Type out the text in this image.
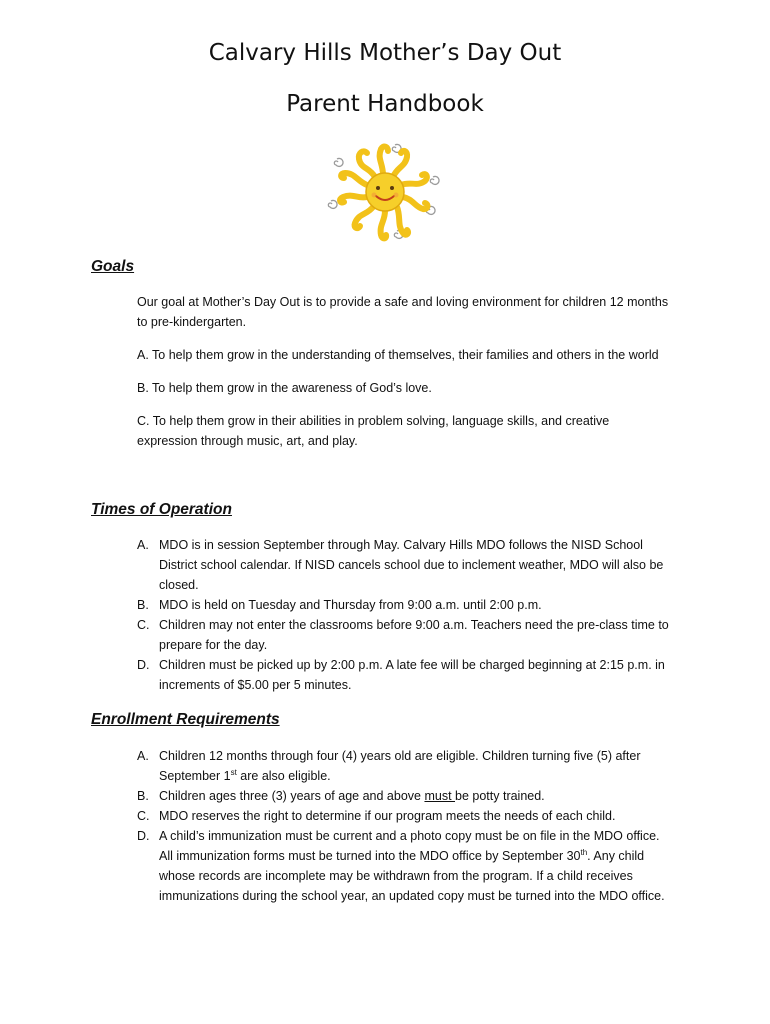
Calvary Hills Mother’s Day Out
Parent Handbook
Goals
Our goal at Mother’s Day Out is to provide a safe and loving environment for children 12 months
to pre-kindergarten.
A. To help them grow in the understanding of themselves, their families and others in the world
B. To help them grow in the awareness of God’s love.
C. To help them grow in their abilities in problem solving, language skills, and creative
expression through music, art, and play.
Times of Operation
A. MDO is in session September through May. Calvary Hills MDO follows the NISD School
District school calendar. If NISD cancels school due to inclement weather, MDO will also be
closed.
B. MDO is held on Tuesday and Thursday from 9:00 a.m. until 2:00 p.m.
C. Children may not enter the classrooms before 9:00 a.m. Teachers need the pre-class time to
prepare for the day.
D. Children must be picked up by 2:00 p.m. A late fee will be charged beginning at 2:15 p.m. in
increments of $5.00 per 5 minutes.
Enrollment Requirements
A. Children 12 months through four (4) years old are eligible. Children turning five (5) after
September 1st are also eligible.
B. Children ages three (3) years of age and above must be potty trained.
C. MDO reserves the right to determine if our program meets the needs of each child.
D. A child’s immunization must be current and a photo copy must be on file in the MDO office.
All immunization forms must be turned into the MDO office by September 30th. Any child
whose records are incomplete may be withdrawn from the program. If a child receives
immunizations during the school year, an updated copy must be turned into the MDO office.
